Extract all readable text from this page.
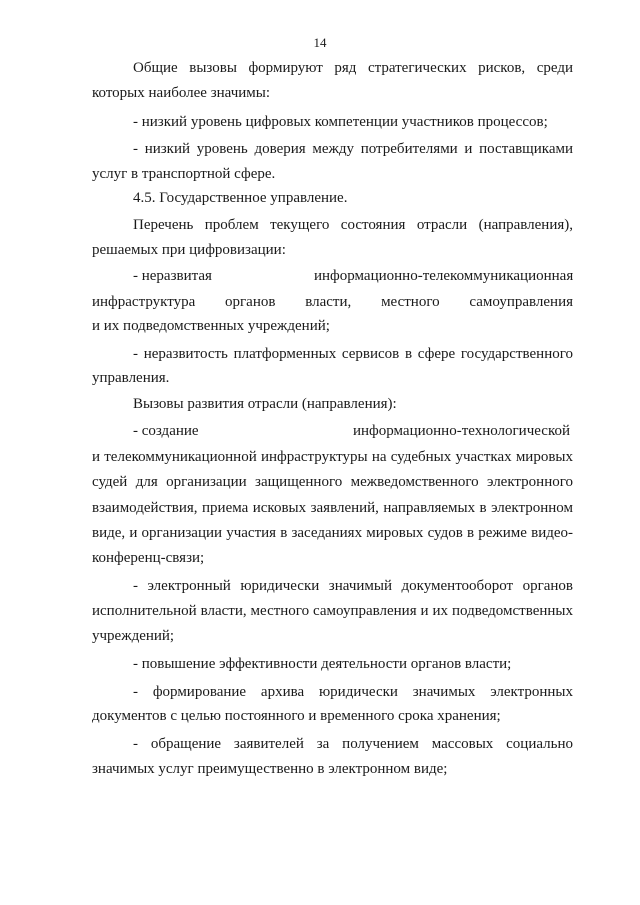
14
Общие вызовы формируют ряд стратегических рисков, среди
которых наиболее значимы:
- низкий уровень цифровых компетенции участников процессов;
- низкий уровень доверия между потребителями и поставщиками
услуг в транспортной сфере.
4.5. Государственное управление.
Перечень проблем текущего состояния отрасли (направления),
решаемых при цифровизации:
- неразвитая	информационно-телекоммуникационная
инфраструктура органов власти, местного самоуправления
и их подведомственных учреждений;
- неразвитость платформенных сервисов в сфере государственного
управления.
Вызовы развития отрасли (направления):
- создание	информационно-технологической
и телекоммуникационной инфраструктуры на судебных участках мировых
судей для организации защищенного межведомственного электронного
взаимодействия, приема исковых заявлений, направляемых в электронном
виде, и организации участия в заседаниях мировых судов в режиме видео-
конференц-связи;
- электронный юридически значимый документооборот органов
исполнительной власти, местного самоуправления и их подведомственных
учреждений;
- повышение эффективности деятельности органов власти;
- формирование архива юридически значимых электронных
документов с целью постоянного и временного срока хранения;
- обращение заявителей за получением массовых социально
значимых услуг преимущественно в электронном виде;
